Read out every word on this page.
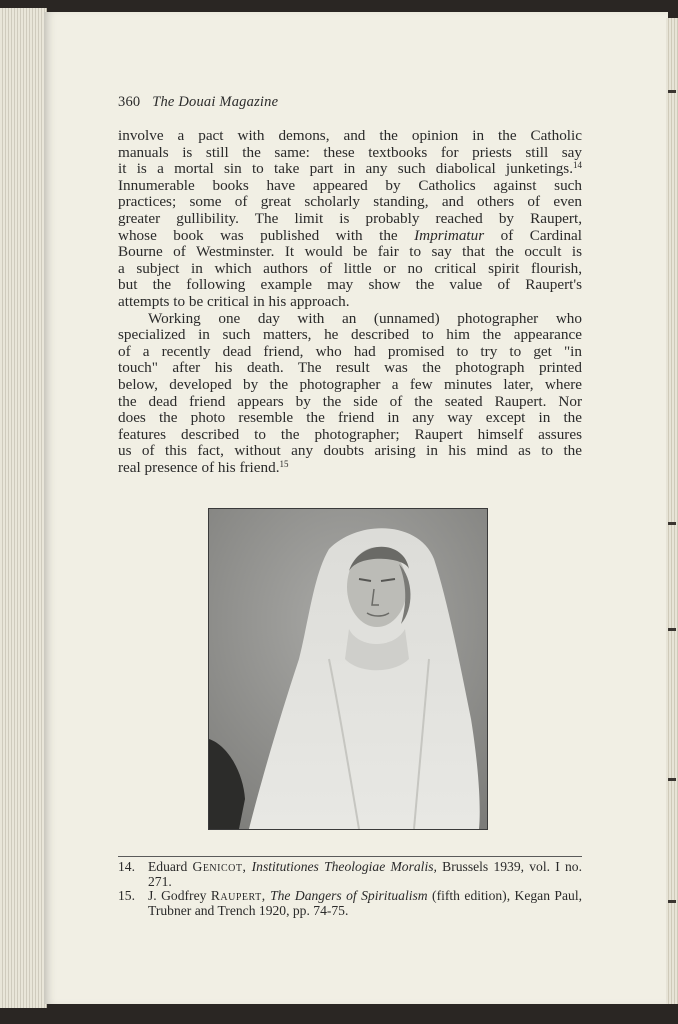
360 The Douai Magazine

involve a pact with demons, and the opinion in the Catholic
manuals is still the same: these textbooks for priests still say
it is a mortal sin to take part in any such diabolical junketings.$^{14}$
Innumerable books have appeared by Catholics against such
practices; some of great scholarly standing, and others of even
greater gullibility. The limit is probably reached by Raupert,
whose book was published with the Imprimatur of Cardinal
Bourne of Westminster. It would be fair to say that the occult is
a subject in which authors of little or no critical spirit flourish,
but the following example may show the value of Raupert's
attempts to be critical in his approach.

Working one day with an (unnamed) photographer who
specialized in such matters, he described to him the appearance
of a recently dead friend, who had promised to try to get "in
touch" after his death. The result was the photograph printed
below, developed by the photographer a few minutes later, where
the dead friend appears by the side of the seated Raupert. Nor
does the photo resemble the friend in any way except in the
features described to the photographer; Raupert himself assures
us of this fact, without any doubts arising in his mind as to the
real presence of his friend.$^{15}$

14. Eduard Genicot, Institutiones Theologiae Moralis, Brussels 1939, vol. I no. 271.
15. J. Godfrey Raupert, The Dangers of Spiritualism (fifth edition), Kegan Paul, Trubner and Trench 1920, pp. 74-75.
